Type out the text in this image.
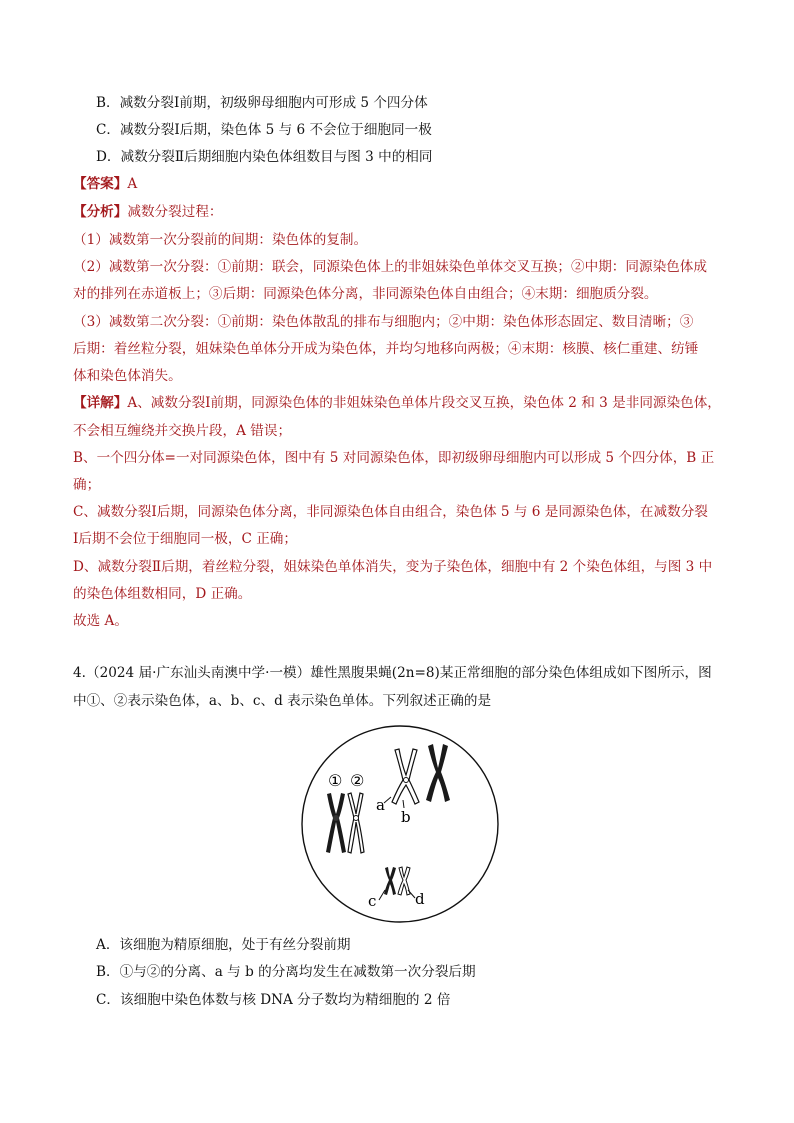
B．减数分裂Ⅰ前期，初级卵母细胞内可形成 5 个四分体
C．减数分裂Ⅰ后期，染色体 5 与 6 不会位于细胞同一极
D．减数分裂Ⅱ后期细胞内染色体组数目与图 3 中的相同
【答案】A
【分析】减数分裂过程：
（1）减数第一次分裂前的间期：染色体的复制。
（2）减数第一次分裂：①前期：联会，同源染色体上的非姐妹染色单体交叉互换；②中期：同源染色体成
对的排列在赤道板上；③后期：同源染色体分离，非同源染色体自由组合；④末期：细胞质分裂。
（3）减数第二次分裂：①前期：染色体散乱的排布与细胞内；②中期：染色体形态固定、数目清晰；③
后期：着丝粒分裂，姐妹染色单体分开成为染色体，并均匀地移向两极；④末期：核膜、核仁重建、纺锤
体和染色体消失。
【详解】A、减数分裂Ⅰ前期，同源染色体的非姐妹染色单体片段交叉互换，染色体 2 和 3 是非同源染色体，
不会相互缠绕并交换片段，A 错误；
B、一个四分体=一对同源染色体，图中有 5 对同源染色体，即初级卵母细胞内可以形成 5 个四分体，B 正
确；
C、减数分裂Ⅰ后期，同源染色体分离，非同源染色体自由组合，染色体 5 与 6 是同源染色体，在减数分裂
Ⅰ后期不会位于细胞同一极，C 正确；
D、减数分裂Ⅱ后期，着丝粒分裂，姐妹染色单体消失，变为子染色体，细胞中有 2 个染色体组，与图 3 中
的染色体组数相同，D 正确。
故选 A。
4.（2024 届·广东汕头南澳中学·一模）雄性黑腹果蝇(2n=8)某正常细胞的部分染色体组成如下图所示，图
中①、②表示染色体，a、b、c、d 表示染色单体。下列叙述正确的是
① ②
a
b
c	d
A．该细胞为精原细胞，处于有丝分裂前期
B．①与②的分离、a 与 b 的分离均发生在减数第一次分裂后期
C．该细胞中染色体数与核 DNA 分子数均为精细胞的 2 倍
